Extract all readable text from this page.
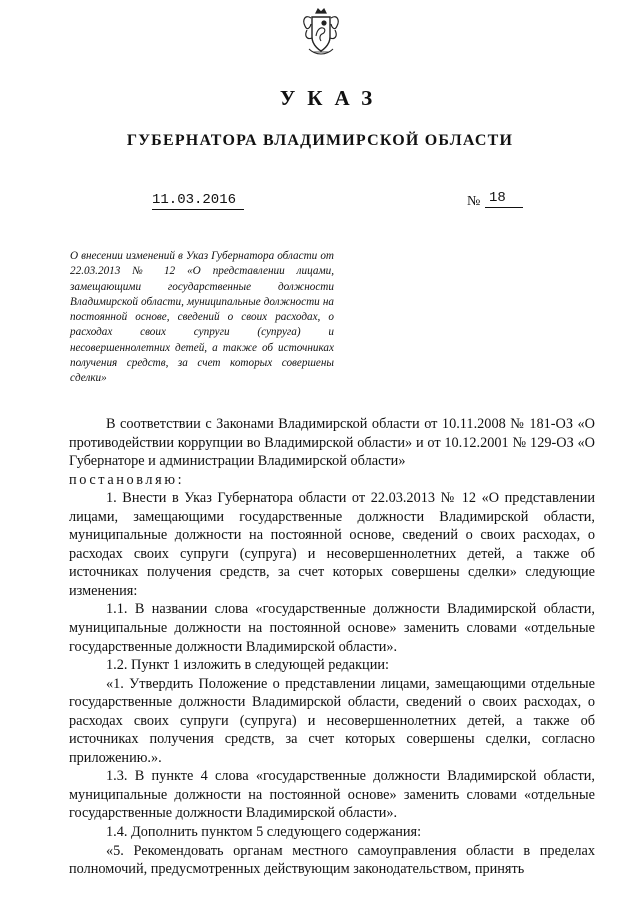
УКАЗ
ГУБЕРНАТОРА ВЛАДИМИРСКОЙ ОБЛАСТИ
11.03.2016	№ 18
О внесении изменений в Указ Губернатора области от 22.03.2013 № 12 «О представлении лицами, замещающими государственные должности Владимирской области, муниципальные должности на постоянной основе, сведений о своих расходах, о расходах своих супруги (супруга) и несовершеннолетних детей, а также об источниках получения средств, за счет которых совершены сделки»

В соответствии с Законами Владимирской области от 10.11.2008 № 181-ОЗ «О противодействии коррупции во Владимирской области» и от 10.12.2001 № 129-ОЗ «О Губернаторе и администрации Владимирской области»

постановляю:

1. Внести в Указ Губернатора области от 22.03.2013 № 12 «О представлении лицами, замещающими государственные должности Владимирской области, муниципальные должности на постоянной основе, сведений о своих расходах, о расходах своих супруги (супруга) и несовершеннолетних детей, а также об источниках получения средств, за счет которых совершены сделки» следующие изменения:

1.1. В названии слова «государственные должности Владимирской области, муниципальные должности на постоянной основе» заменить словами «отдельные государственные должности Владимирской области».

1.2. Пункт 1 изложить в следующей редакции:

«1. Утвердить Положение о представлении лицами, замещающими отдельные государственные должности Владимирской области, сведений о своих расходах, о расходах своих супруги (супруга) и несовершеннолетних детей, а также об источниках получения средств, за счет которых совершены сделки, согласно приложению.».

1.3. В пункте 4 слова «государственные должности Владимирской области, муниципальные должности на постоянной основе» заменить словами «отдельные государственные должности Владимирской области».

1.4. Дополнить пунктом 5 следующего содержания:

«5. Рекомендовать органам местного самоуправления области в пределах полномочий, предусмотренных действующим законодательством, принять
